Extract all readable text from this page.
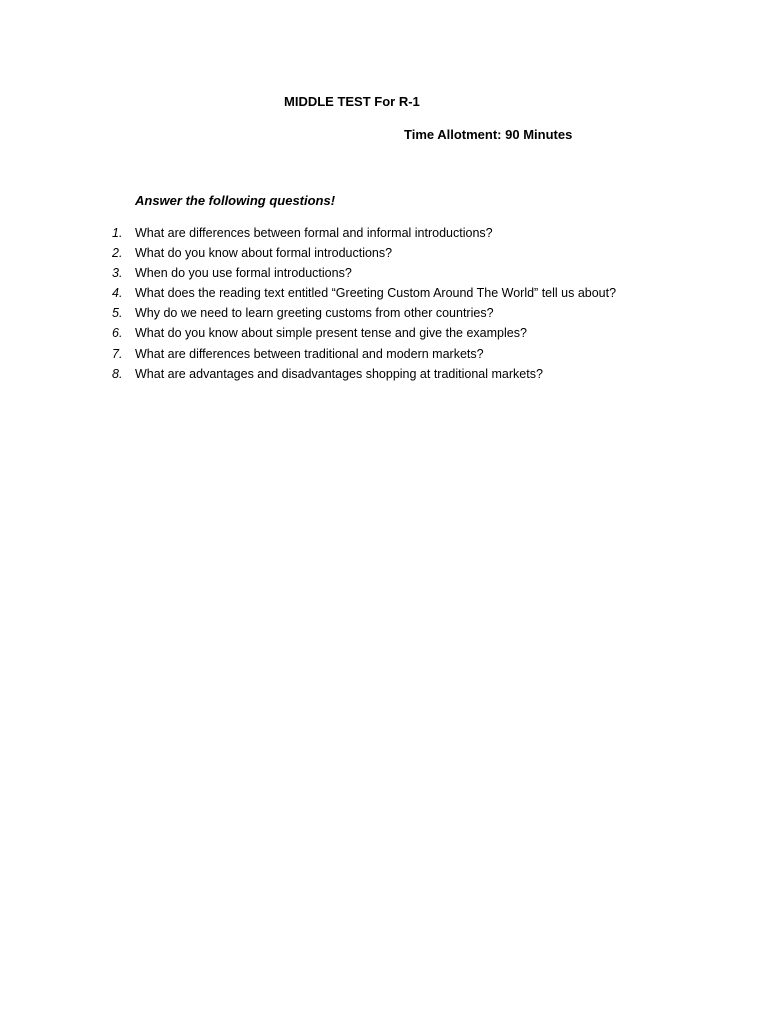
MIDDLE TEST For R-1
Time Allotment: 90 Minutes
Answer the following questions!
1. What are differences between formal and informal introductions?
2. What do you know about formal introductions?
3. When do you use formal introductions?
4. What does the reading text entitled “Greeting Custom Around The World” tell us about?
5. Why do we need to learn greeting customs from other countries?
6. What do you know about simple present tense and give the examples?
7. What are differences between traditional and modern markets?
8. What are advantages and disadvantages shopping at traditional markets?
